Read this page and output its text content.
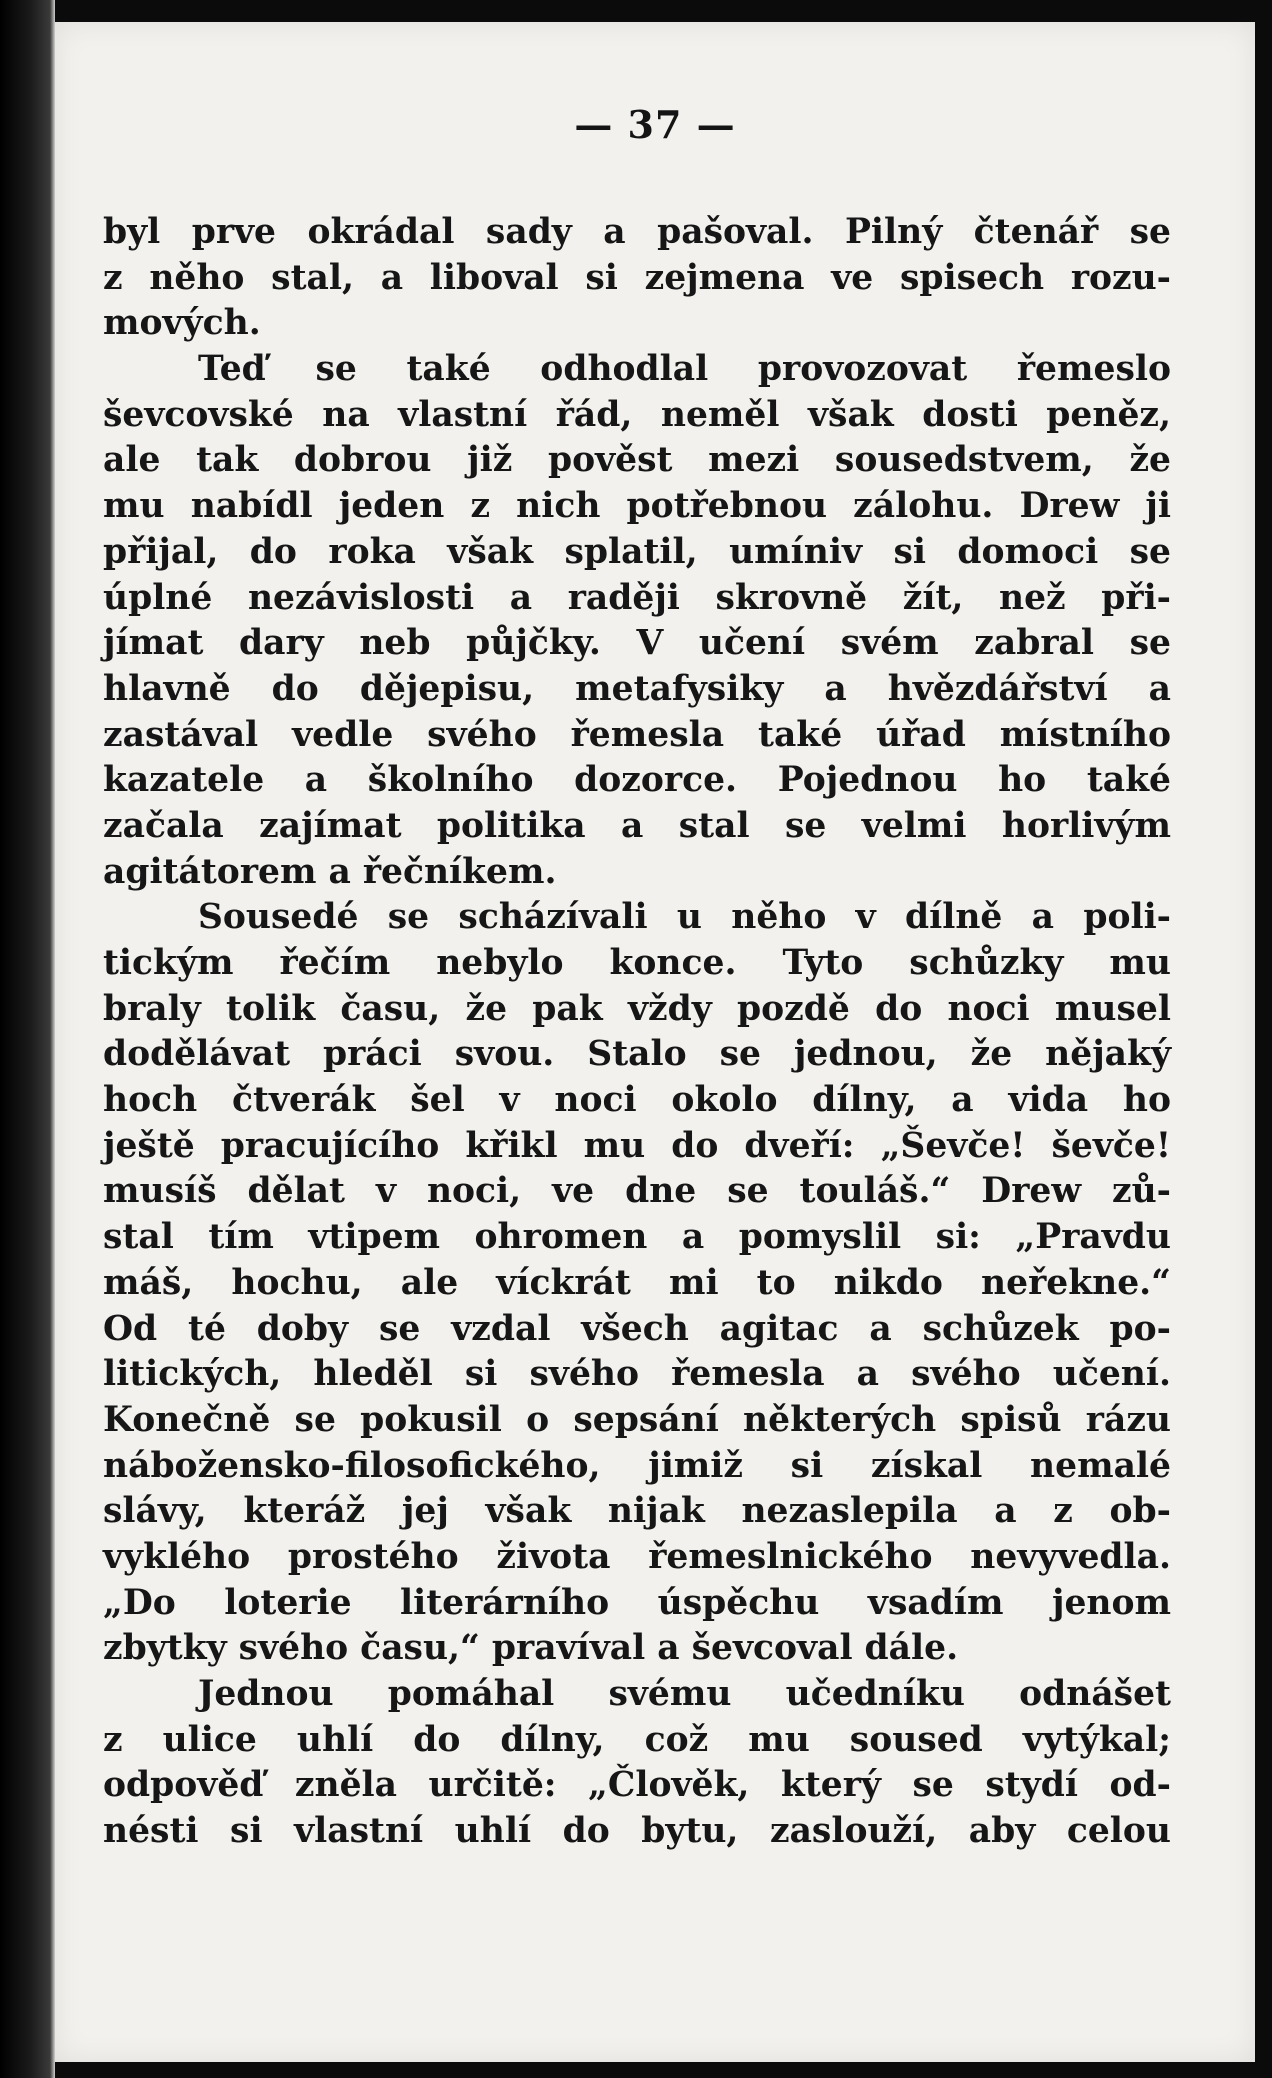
— 37 —
byl prve okrádal sady a pašoval. Pilný čtenář se
z něho stal, a liboval si zejmena ve spisech rozu-
mových.
Teď se také odhodlal provozovat řemeslo
ševcovské na vlastní řád, neměl však dosti peněz,
ale tak dobrou již pověst mezi sousedstvem, že
mu nabídl jeden z nich potřebnou zálohu. Drew ji
přijal, do roka však splatil, umíniv si domoci se
úplné nezávislosti a raději skrovně žít, než při-
jímat dary neb půjčky. V učení svém zabral se
hlavně do dějepisu, metafysiky a hvězdářství a
zastával vedle svého řemesla také úřad místního
kazatele a školního dozorce. Pojednou ho také
začala zajímat politika a stal se velmi horlivým
agitátorem a řečníkem.
Sousedé se scházívali u něho v dílně a poli-
tickým řečím nebylo konce. Tyto schůzky mu
braly tolik času, že pak vždy pozdě do noci musel
dodělávat práci svou. Stalo se jednou, že nějaký
hoch čtverák šel v noci okolo dílny, a vida ho
ještě pracujícího křikl mu do dveří: „Ševče! ševče!
musíš dělat v noci, ve dne se touláš.“ Drew zů-
stal tím vtipem ohromen a pomyslil si: „Pravdu
máš, hochu, ale víckrát mi to nikdo neřekne.“
Od té doby se vzdal všech agitac a schůzek po-
litických, hleděl si svého řemesla a svého učení.
Konečně se pokusil o sepsání některých spisů rázu
nábožensko-filosofického, jimiž si získal nemalé
slávy, kteráž jej však nijak nezaslepila a z ob-
vyklého prostého života řemeslnického nevyvedla.
„Do loterie literárního úspěchu vsadím jenom
zbytky svého času,“ pravíval a ševcoval dále.
Jednou pomáhal svému učedníku odnášet
z ulice uhlí do dílny, což mu soused vytýkal;
odpověď zněla určitě: „Člověk, který se stydí od-
nésti si vlastní uhlí do bytu, zaslouží, aby celou
